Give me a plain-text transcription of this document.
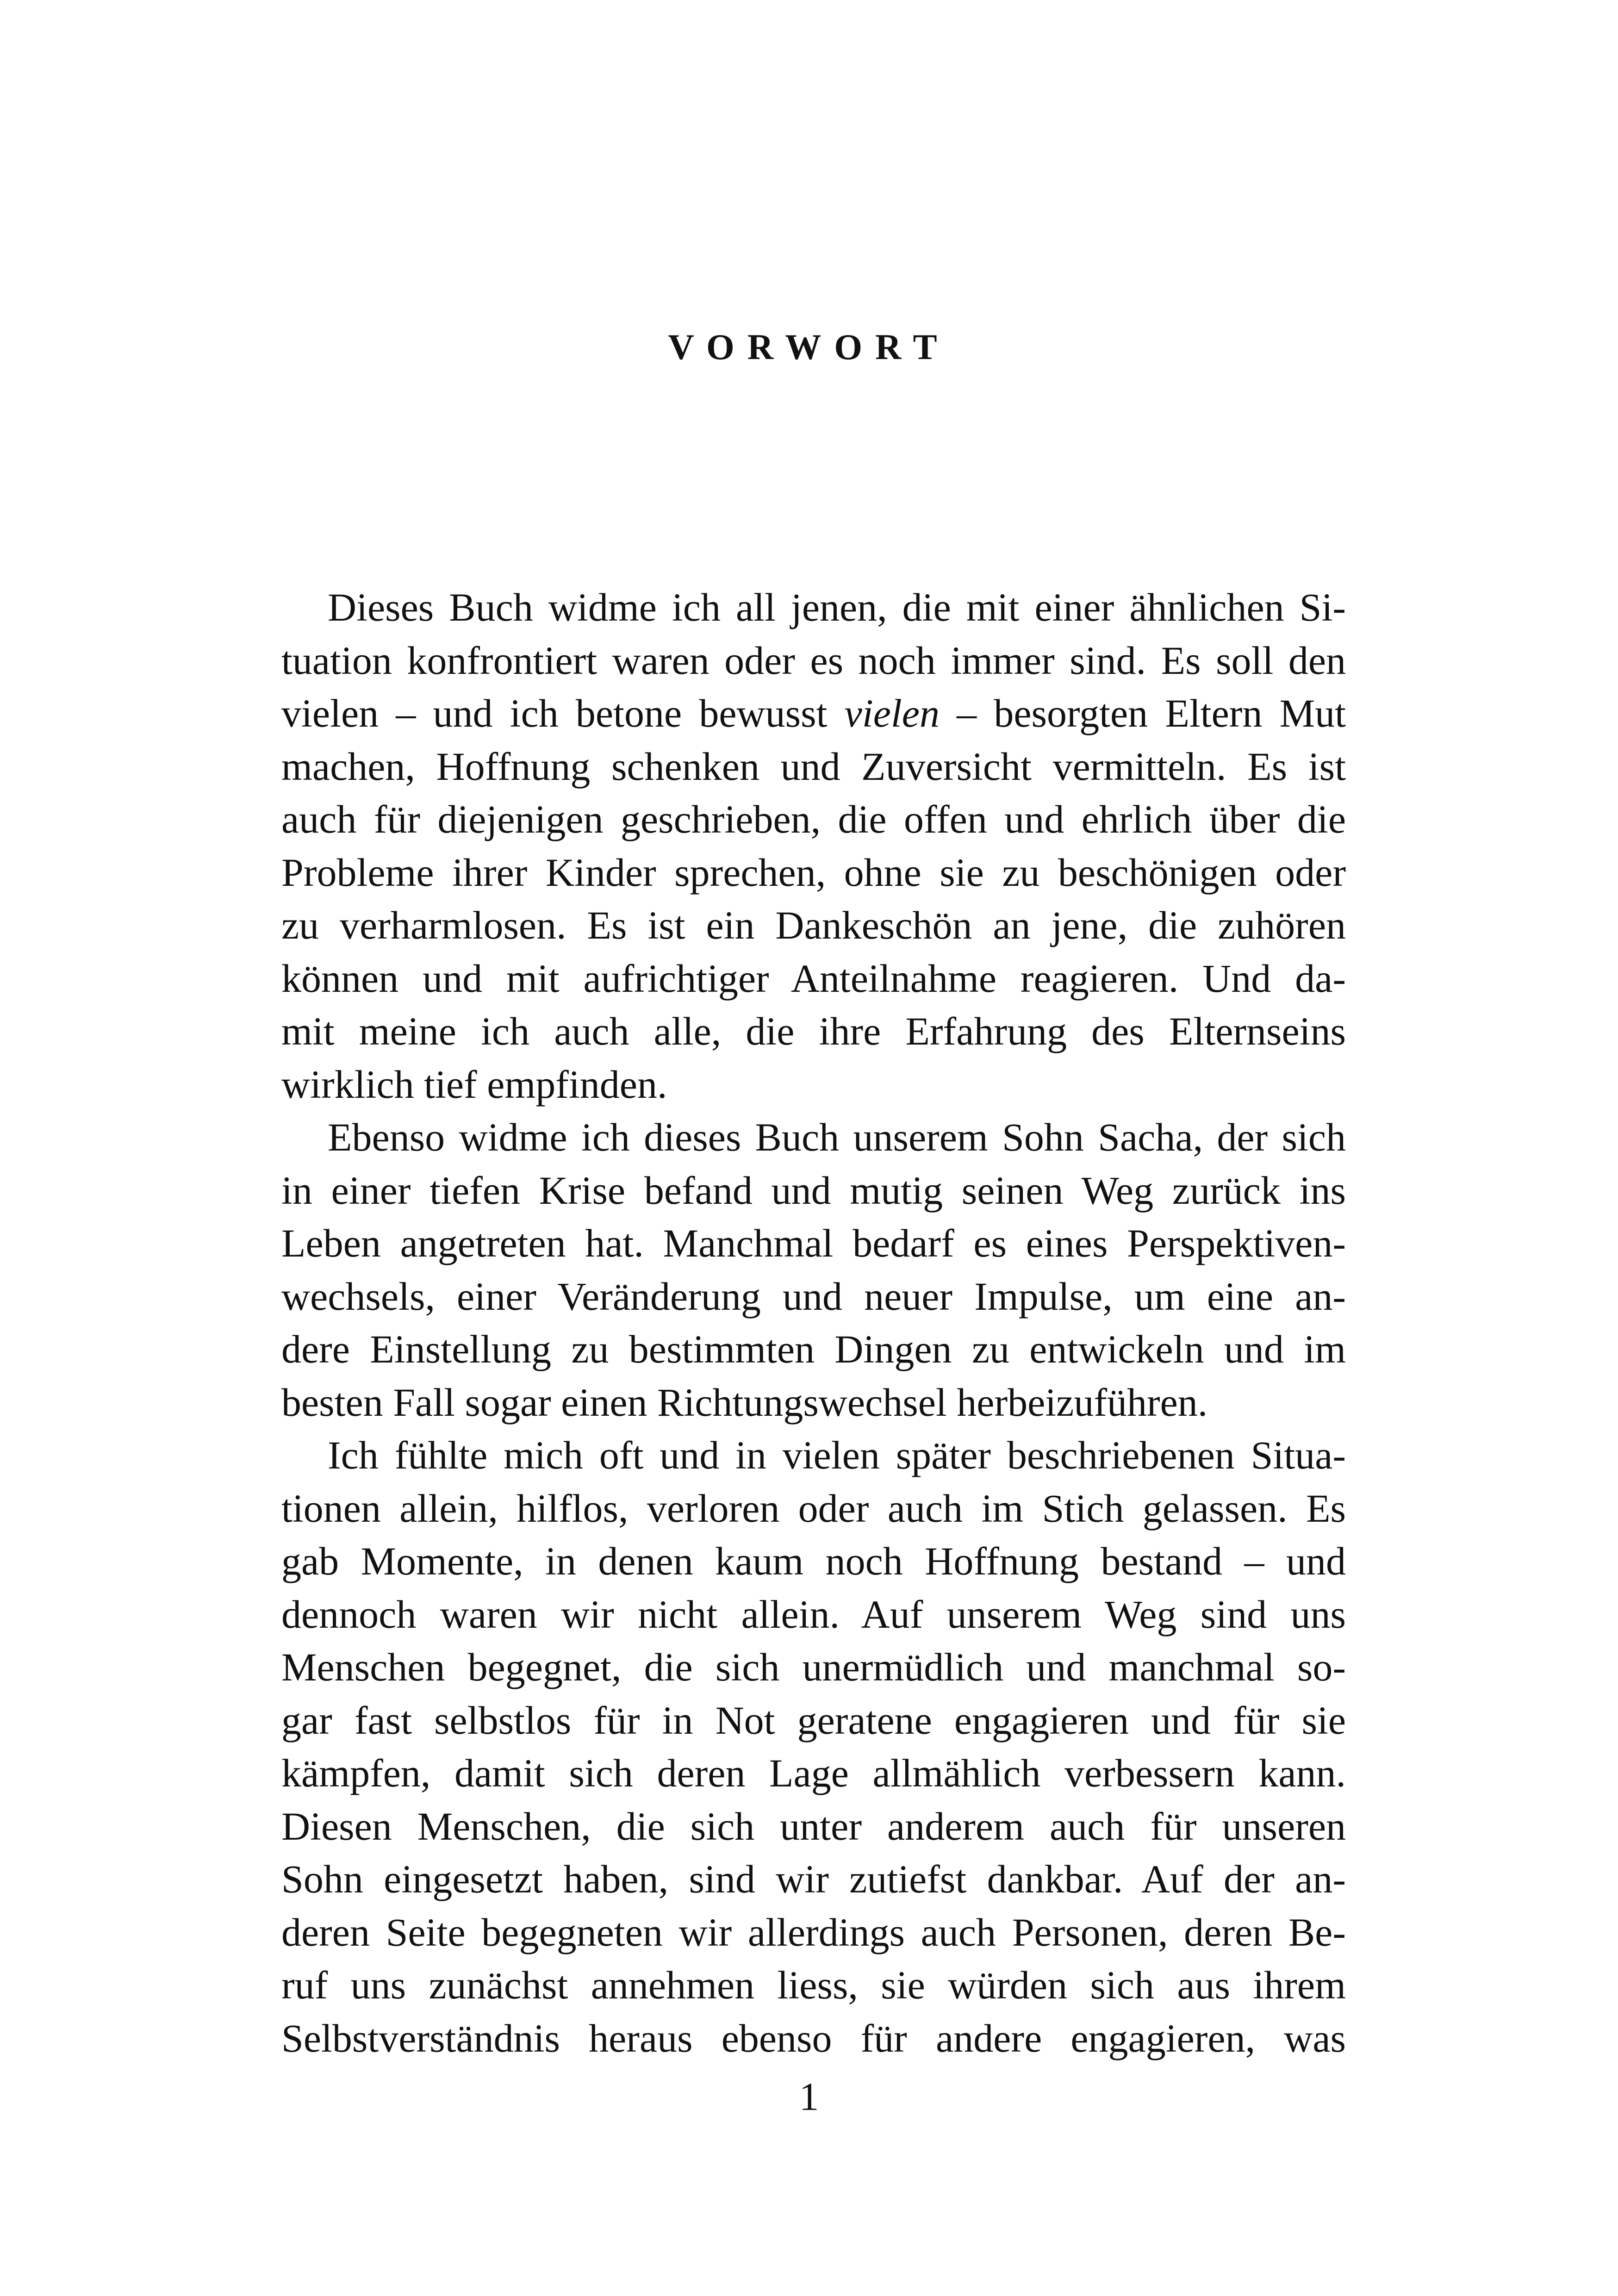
VORWORT
Dieses Buch widme ich all jenen, die mit einer ähnlichen Si-
tuation konfrontiert waren oder es noch immer sind. Es soll den
vielen – und ich betone bewusst vielen – besorgten Eltern Mut
machen, Hoffnung schenken und Zuversicht vermitteln. Es ist
auch für diejenigen geschrieben, die offen und ehrlich über die
Probleme ihrer Kinder sprechen, ohne sie zu beschönigen oder
zu verharmlosen. Es ist ein Dankeschön an jene, die zuhören
können und mit aufrichtiger Anteilnahme reagieren. Und da-
mit meine ich auch alle, die ihre Erfahrung des Elternseins
wirklich tief empfinden.
Ebenso widme ich dieses Buch unserem Sohn Sacha, der sich
in einer tiefen Krise befand und mutig seinen Weg zurück ins
Leben angetreten hat. Manchmal bedarf es eines Perspektiven-
wechsels, einer Veränderung und neuer Impulse, um eine an-
dere Einstellung zu bestimmten Dingen zu entwickeln und im
besten Fall sogar einen Richtungswechsel herbeizuführen.
Ich fühlte mich oft und in vielen später beschriebenen Situa-
tionen allein, hilflos, verloren oder auch im Stich gelassen. Es
gab Momente, in denen kaum noch Hoffnung bestand – und
dennoch waren wir nicht allein. Auf unserem Weg sind uns
Menschen begegnet, die sich unermüdlich und manchmal so-
gar fast selbstlos für in Not geratene engagieren und für sie
kämpfen, damit sich deren Lage allmählich verbessern kann.
Diesen Menschen, die sich unter anderem auch für unseren
Sohn eingesetzt haben, sind wir zutiefst dankbar. Auf der an-
deren Seite begegneten wir allerdings auch Personen, deren Be-
ruf uns zunächst annehmen liess, sie würden sich aus ihrem
Selbstverständnis heraus ebenso für andere engagieren, was
1
